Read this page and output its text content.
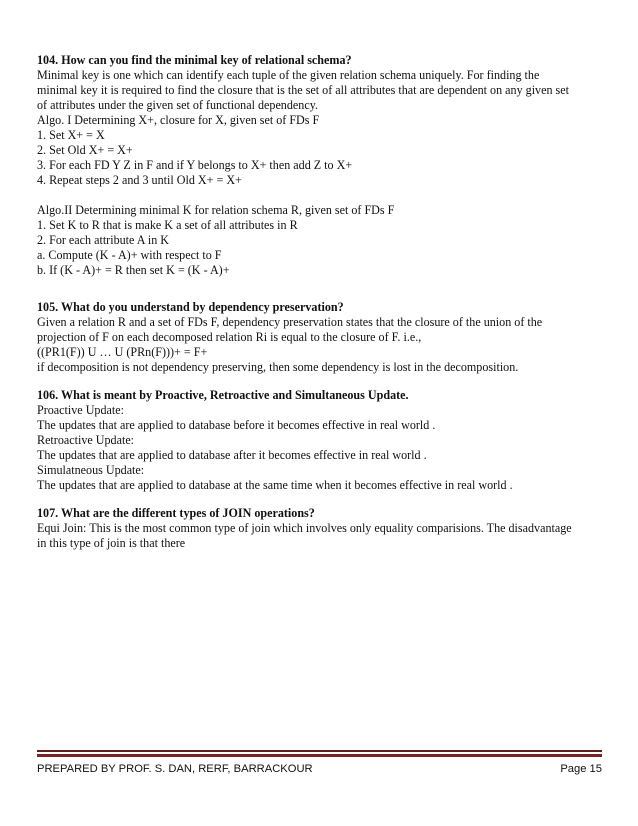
104. How can you find the minimal key of relational schema?
Minimal key is one which can identify each tuple of the given relation schema uniquely. For finding the
minimal key it is required to find the closure that is the set of all attributes that are dependent on any given set
of attributes under the given set of functional dependency.
Algo. I Determining X+, closure for X, given set of FDs F
1. Set X+ = X
2. Set Old X+ = X+
3. For each FD Y Z in F and if Y belongs to X+ then add Z to X+
4. Repeat steps 2 and 3 until Old X+ = X+
Algo.II Determining minimal K for relation schema R, given set of FDs F
1. Set K to R that is make K a set of all attributes in R
2. For each attribute A in K
a. Compute (K - A)+ with respect to F
b. If (K - A)+ = R then set K = (K - A)+
105. What do you understand by dependency preservation?
Given a relation R and a set of FDs F, dependency preservation states that the closure of the union of the
projection of F on each decomposed relation Ri is equal to the closure of F. i.e.,
((PR1(F)) U … U (PRn(F)))+ = F+
if decomposition is not dependency preserving, then some dependency is lost in the decomposition.
106. What is meant by Proactive, Retroactive and Simultaneous Update.
Proactive Update:
The updates that are applied to database before it becomes effective in real world .
Retroactive Update:
The updates that are applied to database after it becomes effective in real world .
Simulatneous Update:
The updates that are applied to database at the same time when it becomes effective in real world .
107. What are the different types of JOIN operations?
Equi Join: This is the most common type of join which involves only equality comparisions. The disadvantage
in this type of join is that there
PREPARED BY PROF. S. DAN, RERF, BARRACKOUR	Page 15
